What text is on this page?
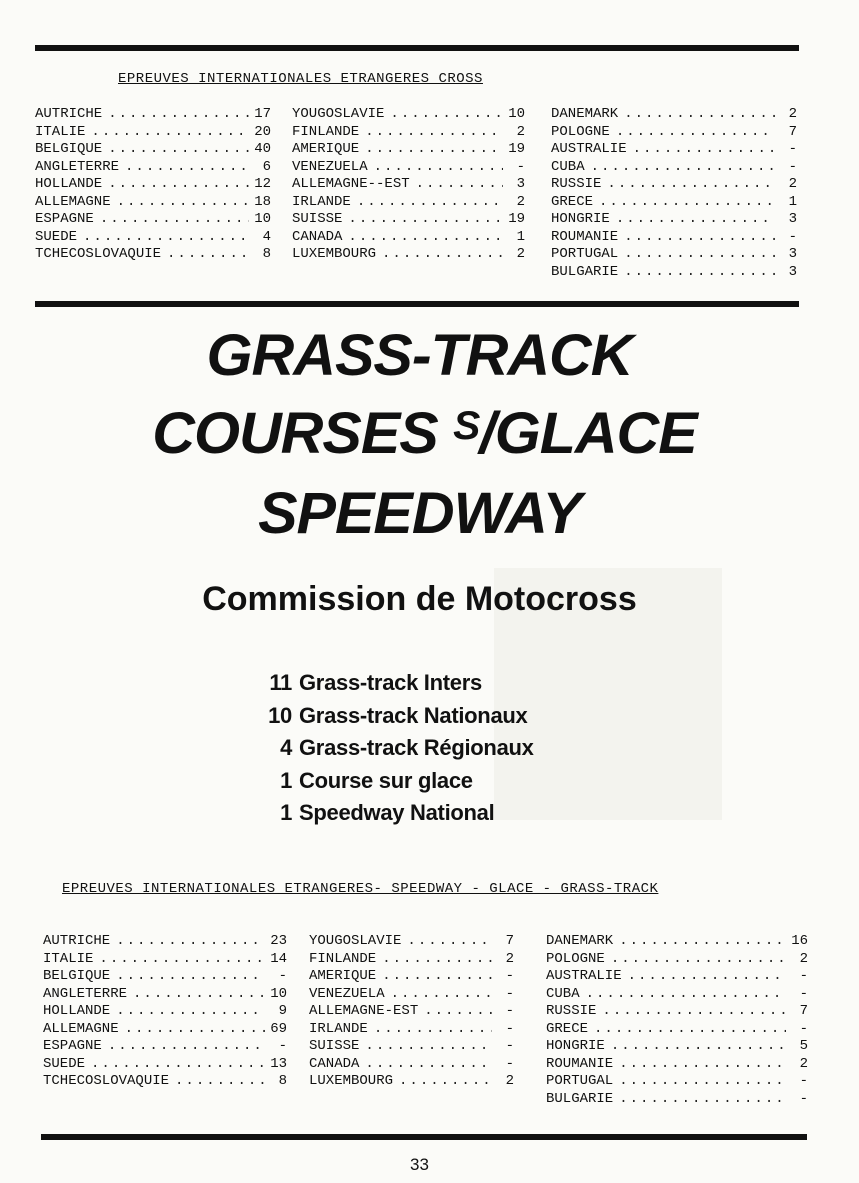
EPREUVES INTERNATIONALES ETRANGERES CROSS
AUTRICHE .....	17
ITALIE .....	20
BELGIQUE .....	40
ANGLETERRE .....	6
HOLLANDE .....	12
ALLEMAGNE .....	18
ESPAGNE .....	10
SUEDE .....	4
TCHECOSLOVAQUIE .....	8
YOUGOSLAVIE .....	10
FINLANDE .....	2
AMERIQUE .....	19
VENEZUELA .....	-
ALLEMAGNE--EST .....	3
IRLANDE .....	2
SUISSE .....	19
CANADA .....	1
LUXEMBOURG .....	2
DANEMARK .....	2
POLOGNE .....	7
AUSTRALIE .....	-
CUBA .....	-
RUSSIE .....	2
GRECE .....	1
HONGRIE .....	3
ROUMANIE .....	-
PORTUGAL .....	3
BULGARIE .....	3
GRASS-TRACK
COURSES $^S$/GLACE
SPEEDWAY
Commission de Motocross
11 Grass-track Inters
10 Grass-track Nationaux
4 Grass-track Régionaux
1 Course sur glace
1 Speedway National
EPREUVES INTERNATIONALES ETRANGERES- SPEEDWAY - GLACE - GRASS-TRACK
AUTRICHE .....	23
ITALIE .....	14
BELGIQUE .....	-
ANGLETERRE .....	10
HOLLANDE .....	9
ALLEMAGNE .....	69
ESPAGNE .....	-
SUEDE .....	13
TCHECOSLOVAQUIE .....	8
YOUGOSLAVIE .....	7
FINLANDE .....	2
AMERIQUE .....	-
VENEZUELA .....	-
ALLEMAGNE-EST .....	-
IRLANDE .....	-
SUISSE .....	-
CANADA .....	-
LUXEMBOURG .....	2
DANEMARK .....	16
POLOGNE .....	2
AUSTRALIE .....	-
CUBA .....	-
RUSSIE .....	7
GRECE .....	-
HONGRIE .....	5
ROUMANIE .....	2
PORTUGAL .....	-
BULGARIE .....	-
33
